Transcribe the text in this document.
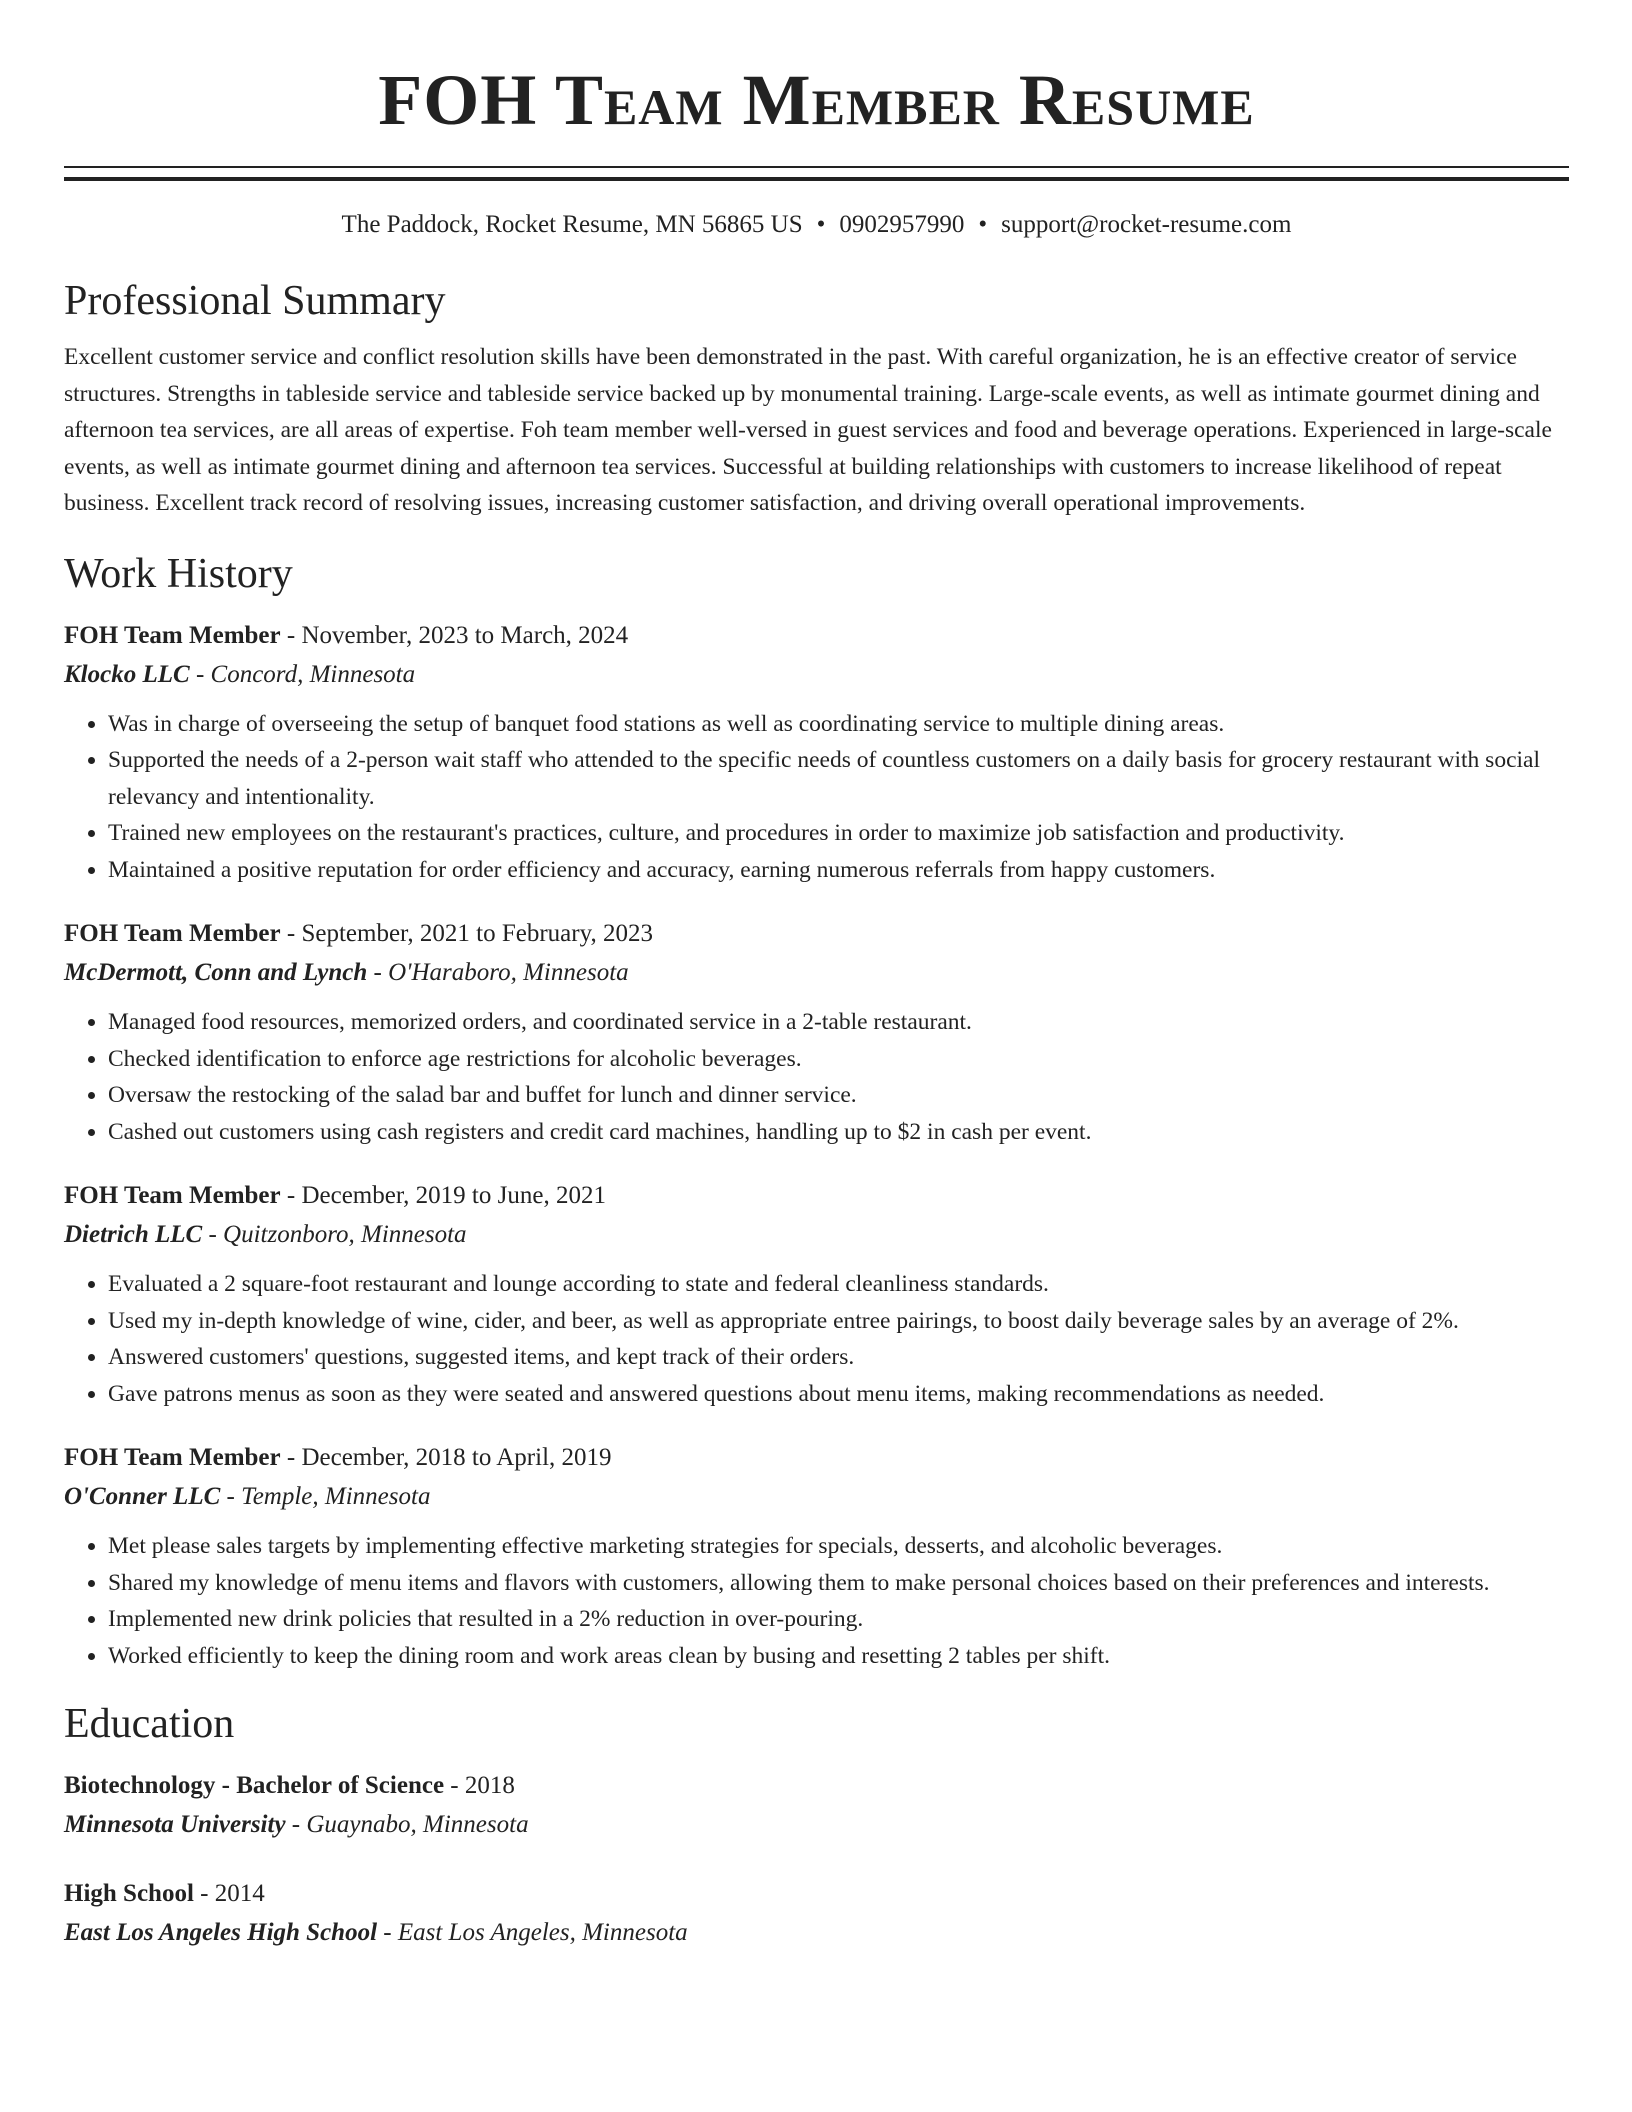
FOH Team Member Resume
The Paddock, Rocket Resume, MN 56865 US • 0902957990 • support@rocket-resume.com
Professional Summary

Excellent customer service and conflict resolution skills have been demonstrated in the past. With careful organization, he is an effective creator of service structures. Strengths in tableside service and tableside service backed up by monumental training. Large-scale events, as well as intimate gourmet dining and afternoon tea services, are all areas of expertise. Foh team member well-versed in guest services and food and beverage operations. Experienced in large-scale events, as well as intimate gourmet dining and afternoon tea services. Successful at building relationships with customers to increase likelihood of repeat business. Excellent track record of resolving issues, increasing customer satisfaction, and driving overall operational improvements.

Work History
FOH Team Member - November, 2023 to March, 2024
Klocko LLC - Concord, Minnesota
• Was in charge of overseeing the setup of banquet food stations as well as coordinating service to multiple dining areas.
• Supported the needs of a 2-person wait staff who attended to the specific needs of countless customers on a daily basis for grocery restaurant with social relevancy and intentionality.
• Trained new employees on the restaurant's practices, culture, and procedures in order to maximize job satisfaction and productivity.
• Maintained a positive reputation for order efficiency and accuracy, earning numerous referrals from happy customers.
FOH Team Member - September, 2021 to February, 2023
McDermott, Conn and Lynch - O'Haraboro, Minnesota
• Managed food resources, memorized orders, and coordinated service in a 2-table restaurant.
• Checked identification to enforce age restrictions for alcoholic beverages.
• Oversaw the restocking of the salad bar and buffet for lunch and dinner service.
• Cashed out customers using cash registers and credit card machines, handling up to $2 in cash per event.
FOH Team Member - December, 2019 to June, 2021
Dietrich LLC - Quitzonboro, Minnesota
• Evaluated a 2 square-foot restaurant and lounge according to state and federal cleanliness standards.
• Used my in-depth knowledge of wine, cider, and beer, as well as appropriate entree pairings, to boost daily beverage sales by an average of 2%.
• Answered customers' questions, suggested items, and kept track of their orders.
• Gave patrons menus as soon as they were seated and answered questions about menu items, making recommendations as needed.
FOH Team Member - December, 2018 to April, 2019
O'Conner LLC - Temple, Minnesota
• Met please sales targets by implementing effective marketing strategies for specials, desserts, and alcoholic beverages.
• Shared my knowledge of menu items and flavors with customers, allowing them to make personal choices based on their preferences and interests.
• Implemented new drink policies that resulted in a 2% reduction in over-pouring.
• Worked efficiently to keep the dining room and work areas clean by busing and resetting 2 tables per shift.
Education
Biotechnology - Bachelor of Science - 2018
Minnesota University - Guaynabo, Minnesota
High School - 2014
East Los Angeles High School - East Los Angeles, Minnesota
